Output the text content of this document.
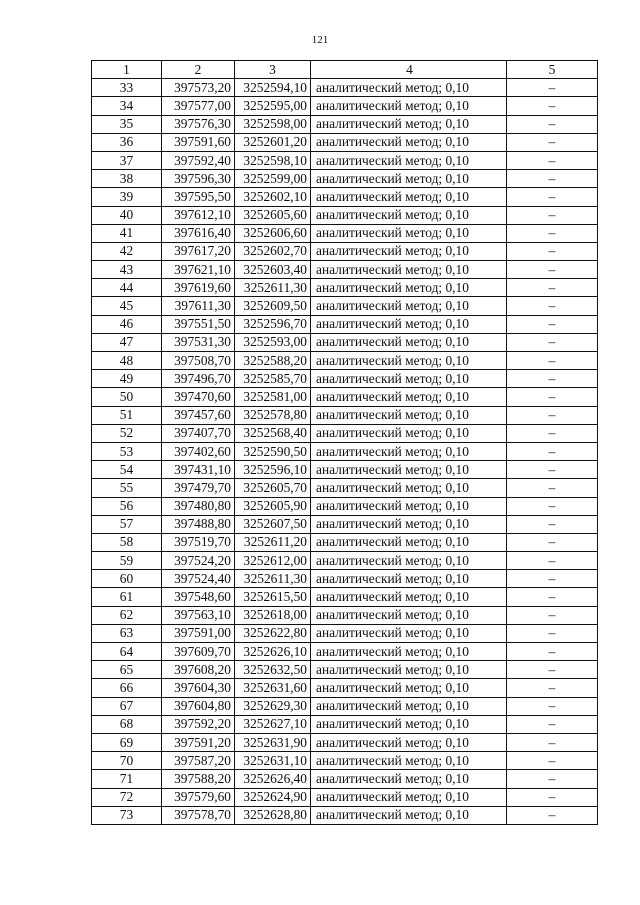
121
1	2	3	4	5
33	397573,20	3252594,10	аналитический метод; 0,10	–
34	397577,00	3252595,00	аналитический метод; 0,10	–
35	397576,30	3252598,00	аналитический метод; 0,10	–
36	397591,60	3252601,20	аналитический метод; 0,10	–
37	397592,40	3252598,10	аналитический метод; 0,10	–
38	397596,30	3252599,00	аналитический метод; 0,10	–
39	397595,50	3252602,10	аналитический метод; 0,10	–
40	397612,10	3252605,60	аналитический метод; 0,10	–
41	397616,40	3252606,60	аналитический метод; 0,10	–
42	397617,20	3252602,70	аналитический метод; 0,10	–
43	397621,10	3252603,40	аналитический метод; 0,10	–
44	397619,60	3252611,30	аналитический метод; 0,10	–
45	397611,30	3252609,50	аналитический метод; 0,10	–
46	397551,50	3252596,70	аналитический метод; 0,10	–
47	397531,30	3252593,00	аналитический метод; 0,10	–
48	397508,70	3252588,20	аналитический метод; 0,10	–
49	397496,70	3252585,70	аналитический метод; 0,10	–
50	397470,60	3252581,00	аналитический метод; 0,10	–
51	397457,60	3252578,80	аналитический метод; 0,10	–
52	397407,70	3252568,40	аналитический метод; 0,10	–
53	397402,60	3252590,50	аналитический метод; 0,10	–
54	397431,10	3252596,10	аналитический метод; 0,10	–
55	397479,70	3252605,70	аналитический метод; 0,10	–
56	397480,80	3252605,90	аналитический метод; 0,10	–
57	397488,80	3252607,50	аналитический метод; 0,10	–
58	397519,70	3252611,20	аналитический метод; 0,10	–
59	397524,20	3252612,00	аналитический метод; 0,10	–
60	397524,40	3252611,30	аналитический метод; 0,10	–
61	397548,60	3252615,50	аналитический метод; 0,10	–
62	397563,10	3252618,00	аналитический метод; 0,10	–
63	397591,00	3252622,80	аналитический метод; 0,10	–
64	397609,70	3252626,10	аналитический метод; 0,10	–
65	397608,20	3252632,50	аналитический метод; 0,10	–
66	397604,30	3252631,60	аналитический метод; 0,10	–
67	397604,80	3252629,30	аналитический метод; 0,10	–
68	397592,20	3252627,10	аналитический метод; 0,10	–
69	397591,20	3252631,90	аналитический метод; 0,10	–
70	397587,20	3252631,10	аналитический метод; 0,10	–
71	397588,20	3252626,40	аналитический метод; 0,10	–
72	397579,60	3252624,90	аналитический метод; 0,10	–
73	397578,70	3252628,80	аналитический метод; 0,10	–
